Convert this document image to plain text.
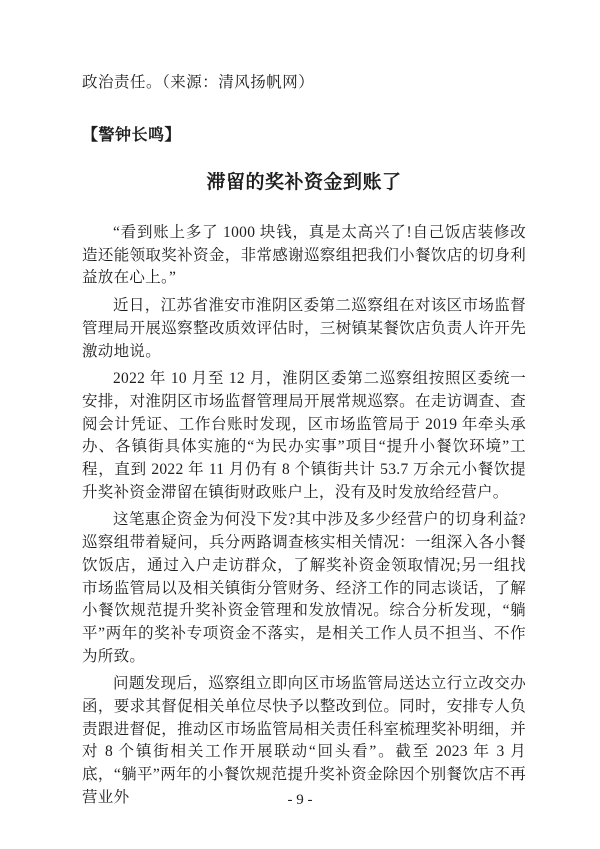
政治责任。（来源：清风扬帆网）
【警钟长鸣】
滞留的奖补资金到账了

“看到账上多了 1000 块钱，真是太高兴了!自己饭店装修改造还能领取奖补资金，非常感谢巡察组把我们小餐饮店的切身利益放在心上。”

近日，江苏省淮安市淮阴区委第二巡察组在对该区市场监督管理局开展巡察整改质效评估时，三树镇某餐饮店负责人许开先激动地说。

2022 年 10 月至 12 月，淮阴区委第二巡察组按照区委统一安排，对淮阴区市场监督管理局开展常规巡察。在走访调查、查阅会计凭证、工作台账时发现，区市场监管局于 2019 年牵头承办、各镇街具体实施的“为民办实事”项目“提升小餐饮环境”工程，直到 2022 年 11 月仍有 8 个镇街共计 53.7 万余元小餐饮提升奖补资金滞留在镇街财政账户上，没有及时发放给经营户。

这笔惠企资金为何没下发?其中涉及多少经营户的切身利益?巡察组带着疑问，兵分两路调查核实相关情况：一组深入各小餐饮饭店，通过入户走访群众，了解奖补资金领取情况;另一组找市场监管局以及相关镇街分管财务、经济工作的同志谈话，了解小餐饮规范提升奖补资金管理和发放情况。综合分析发现，“躺平”两年的奖补专项资金不落实，是相关工作人员不担当、不作为所致。

问题发现后，巡察组立即向区市场监管局送达立行立改交办函，要求其督促相关单位尽快予以整改到位。同时，安排专人负责跟进督促，推动区市场监管局相关责任科室梳理奖补明细，并对 8 个镇街相关工作开展联动“回头看”。截至 2023 年 3 月底，“躺平”两年的小餐饮规范提升奖补资金除因个别餐饮店不再营业外	- 9 -
